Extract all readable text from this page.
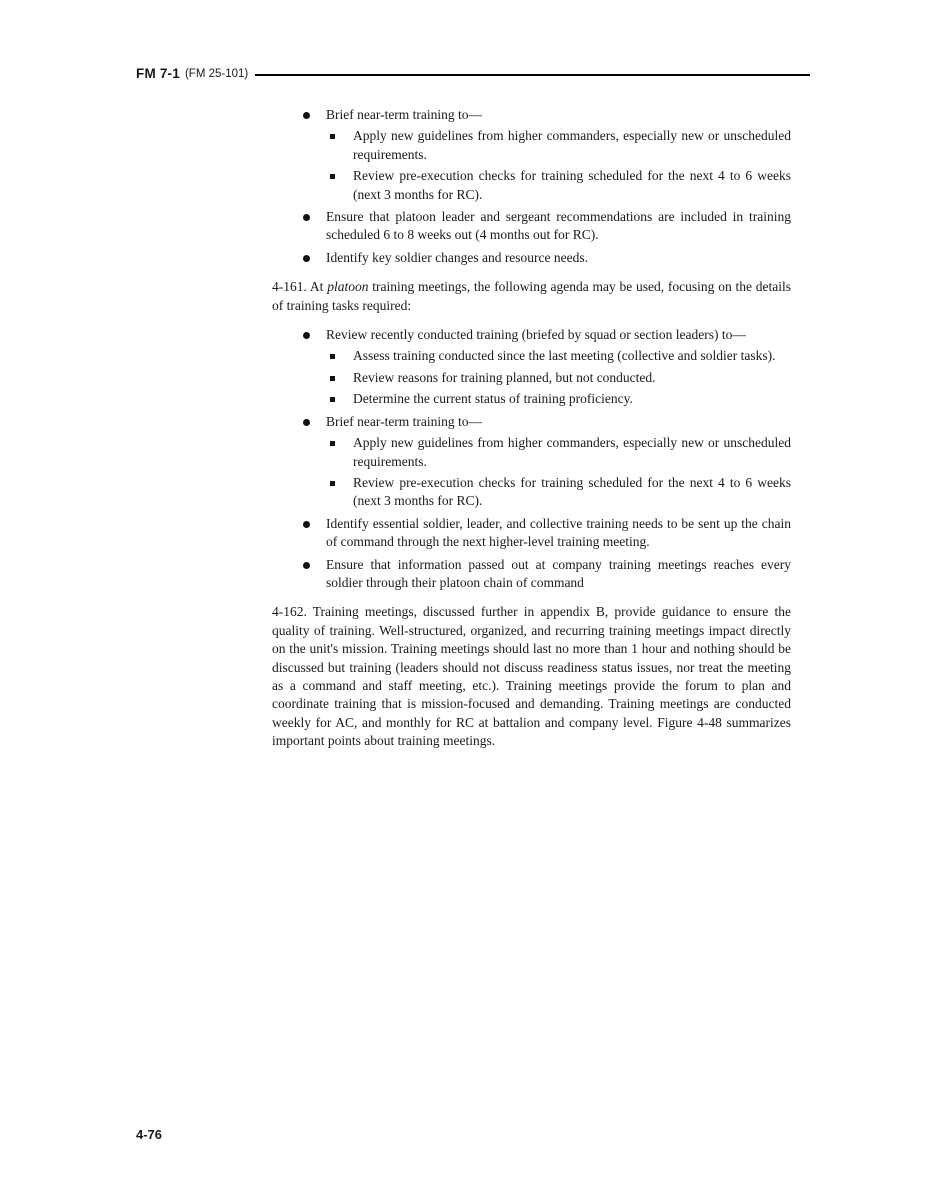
FM 7-1 (FM 25-101)
Brief near-term training to—
Apply new guidelines from higher commanders, especially new or unscheduled requirements.
Review pre-execution checks for training scheduled for the next 4 to 6 weeks (next 3 months for RC).
Ensure that platoon leader and sergeant recommendations are included in training scheduled 6 to 8 weeks out (4 months out for RC).
Identify key soldier changes and resource needs.
4-161. At platoon training meetings, the following agenda may be used, focusing on the details of training tasks required:
Review recently conducted training (briefed by squad or section leaders) to—
Assess training conducted since the last meeting (collective and soldier tasks).
Review reasons for training planned, but not conducted.
Determine the current status of training proficiency.
Brief near-term training to—
Apply new guidelines from higher commanders, especially new or unscheduled requirements.
Review pre-execution checks for training scheduled for the next 4 to 6 weeks (next 3 months for RC).
Identify essential soldier, leader, and collective training needs to be sent up the chain of command through the next higher-level training meeting.
Ensure that information passed out at company training meetings reaches every soldier through their platoon chain of command
4-162. Training meetings, discussed further in appendix B, provide guidance to ensure the quality of training. Well-structured, organized, and recurring training meetings impact directly on the unit's mission. Training meetings should last no more than 1 hour and nothing should be discussed but training (leaders should not discuss readiness status issues, nor treat the meeting as a command and staff meeting, etc.). Training meetings provide the forum to plan and coordinate training that is mission-focused and demanding. Training meetings are conducted weekly for AC, and monthly for RC at battalion and company level. Figure 4-48 summarizes important points about training meetings.
4-76
